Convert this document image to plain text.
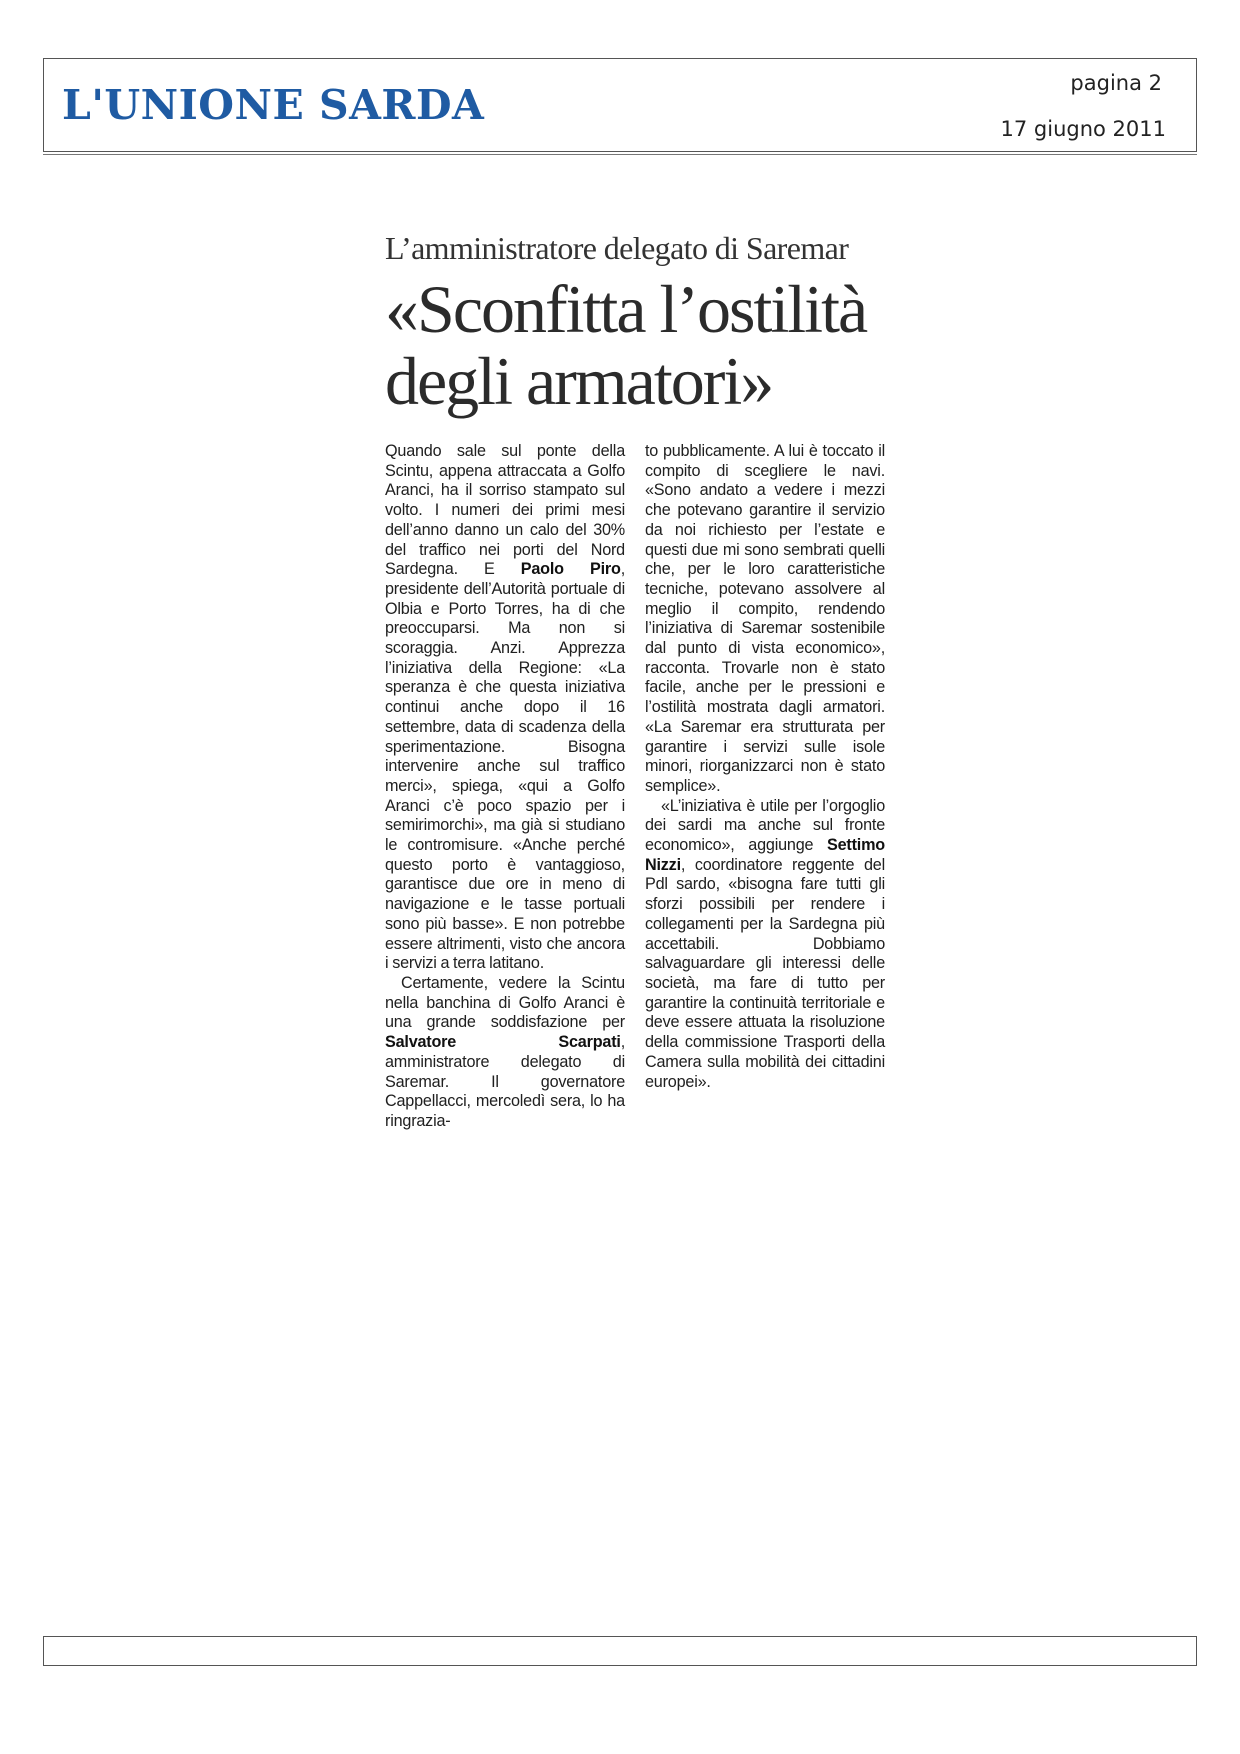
L'UNIONE SARDA	pagina 2
17 giugno 2011
L’amministratore delegato di Saremar
«Sconfitta l’ostilità degli armatori»

Quando sale sul ponte della Scintu, appena attraccata a Golfo Aranci, ha il sorriso stampato sul volto. I numeri dei primi mesi dell’anno danno un calo del 30% del traffico nei porti del Nord Sardegna. E Paolo Piro, presidente dell’Autorità portuale di Olbia e Porto Torres, ha di che preoccuparsi. Ma non si scoraggia. Anzi. Apprezza l’iniziativa della Regione: «La speranza è che questa iniziativa continui anche dopo il 16 settembre, data di scadenza della sperimentazione. Bisogna intervenire anche sul traffico merci», spiega, «qui a Golfo Aranci c’è poco spazio per i semirimorchi», ma già si studiano le contromisure. «Anche perché questo porto è vantaggioso, garantisce due ore in meno di navigazione e le tasse portuali sono più basse». E non potrebbe essere altrimenti, visto che ancora i servizi a terra latitano.

Certamente, vedere la Scintu nella banchina di Golfo Aranci è una grande soddisfazione per Salvatore Scarpati, amministratore delegato di Saremar. Il governatore Cappellacci, mercoledì sera, lo ha ringrazia-

to pubblicamente. A lui è toccato il compito di scegliere le navi. «Sono andato a vedere i mezzi che potevano garantire il servizio da noi richiesto per l’estate e questi due mi sono sembrati quelli che, per le loro caratteristiche tecniche, potevano assolvere al meglio il compito, rendendo l’iniziativa di Saremar sostenibile dal punto di vista economico», racconta. Trovarle non è stato facile, anche per le pressioni e l’ostilità mostrata dagli armatori. «La Saremar era strutturata per garantire i servizi sulle isole minori, riorganizzarci non è stato semplice».

«L’iniziativa è utile per l’orgoglio dei sardi ma anche sul fronte economico», aggiunge Settimo Nizzi, coordinatore reggente del Pdl sardo, «bisogna fare tutti gli sforzi possibili per rendere i collegamenti per la Sardegna più accettabili. Dobbiamo salvaguardare gli interessi delle società, ma fare di tutto per garantire la continuità territoriale e deve essere attuata la risoluzione della commissione Trasporti della Camera sulla mobilità dei cittadini europei».
